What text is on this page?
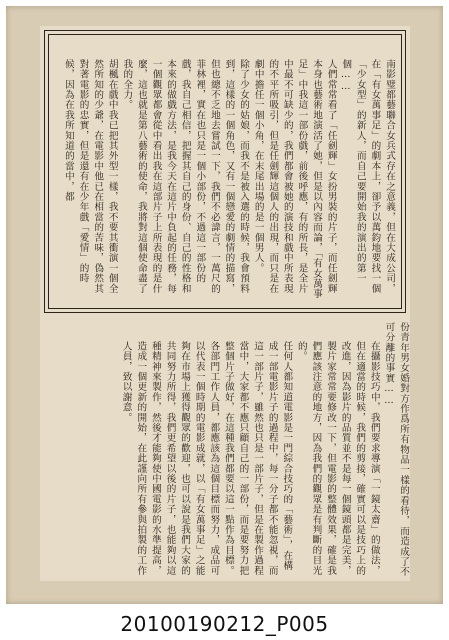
南影璧都藝聯合女兵式存在之意義，但在大成公司，在「有女萬事足」的劇本上，卻予以萬鈞地要找一個「少女型」的新人，而自己要開始我的演出的第一個……

人們常常看了「任劍輝」女扮男裝的片子，而任劍輝本身也藝術地演活了她，但是以內容而論，「有女萬事足」中我這一部份戲，前後呼應，有的所長，是全片中最不可缺少的，我們都會被她的演技和戲中所表現的不平所吸引，但是任劍輝這個人的出現，而只是在劇中擔任一個小角，在末尾出場的是一個男人。

除了少女的姑娘，而我不是被入選的時候，我會預料到，這樣的一個角色，又有一個戀愛的劇情的描寫，但也總不乏地去嘗試一下，我們不必諱言，一萬尺的菲林裡，實在也只是一個小部份，不過這一部份的戲，我自己相信，把握其自己的身份、自己的性格和本來的做戲方法，是我今天在這片中負起的任務，每一個觀眾都會從中看出我在這部片子上所表現的是什麼，這也就是第八藝術的使命，我將對這個使命盡了我的全力。

胡楓在戲中我已把其外型一樣，我不要其衝演一個全然所知的少爺，在電影中他已在相當的苦味，偽然其對著電影的忠實，但是還有在少年戲「愛情」的時候，因為在我所知道的當中，都

份青年男女婚對方作爲所有物品一樣的看待，而造成了不可分離的事實……

在攝影技巧中，我們要求導演「一鏡太齋」的做法，但在適當的時候，我們的剪接，確實可以是技巧上的改進，因為影片的品質並不是每一個鏡頭都是完美，製片家常常要修改一下，但電影的整體效果，確是我們應該注意的地方，因為我們的觀眾是有判斷的目光的。

任何人都知道電影是一門綜合技巧的「藝術」，在構成一部電影片子的過程中，每一分子都不能忽視，而這一部片子，雖然也只是一部片子，但是在製作過程當中，大家都不應只顧自己的一部份，而是要努力把整個片子做好，在這種我們都要以這一點作為目標。

各部門工作人員，都應該為這個目標而努力，成品可以代表一個時期的電影成就，以「有女萬事足」之能夠在市場上獲得觀眾的歡迎，也可以說是我們大家的共同努力所得，我們更希望以後的片子，也能夠以這種精神來製作，然後才能夠使中國電影的水準提高，造成一個更新的開始，在此謹向所有參與拍製的工作人員，致以謝意。

20100190212_P005
